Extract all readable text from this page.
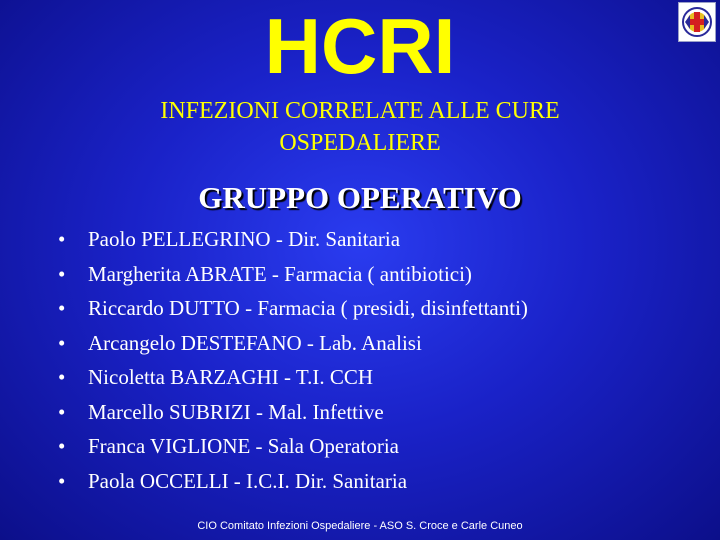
HCRI
INFEZIONI CORRELATE ALLE CURE
OSPEDALIERE
GRUPPO OPERATIVO
•	Paolo PELLEGRINO - Dir. Sanitaria
•	Margherita ABRATE - Farmacia ( antibiotici)
•	Riccardo DUTTO - Farmacia ( presidi, disinfettanti)
•	Arcangelo DESTEFANO - Lab. Analisi
•	Nicoletta BARZAGHI - T.I. CCH
•	Marcello SUBRIZI - Mal. Infettive
•	Franca VIGLIONE - Sala Operatoria
•	Paola OCCELLI - I.C.I. Dir. Sanitaria
CIO Comitato Infezioni Ospedaliere - ASO S. Croce e Carle Cuneo
